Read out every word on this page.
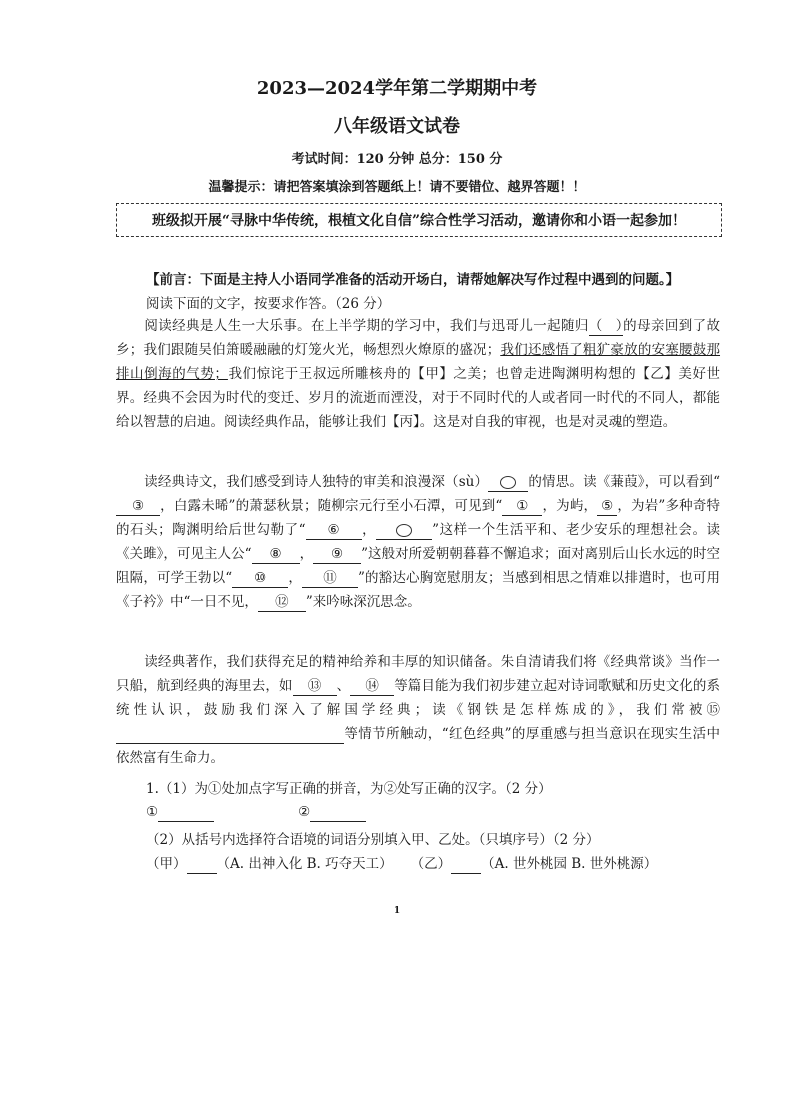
2023—2024学年第二学期期中考
八年级语文试卷
考试时间：120 分钟 总分：150 分
温馨提示：请把答案填涂到答题纸上！请不要错位、越界答题！！
班级拟开展“寻脉中华传统，根植文化自信”综合性学习活动，邀请你和小语一起参加！
【前言：下面是主持人小语同学准备的活动开场白，请帮她解决写作过程中遇到的问题。】
阅读下面的文字，按要求作答。（26 分）
阅读经典是人生一大乐事。在上半学期的学习中，我们与迅哥儿一起随归（　）的母亲回到了故乡；我们跟随吴伯箫暖融融的灯笼火光，畅想烈火燎原的盛况；我们还感悟了粗犷豪放的安塞腰鼓那排山倒海的气势；我们惊诧于王叔远所雕核舟的【甲】之美；也曾走进陶渊明构想的【乙】美好世界。经典不会因为时代的变迁、岁月的流逝而湮没，对于不同时代的人或者同一时代的不同人，都能给以智慧的启迪。阅读经典作品，能够让我们【丙】。这是对自我的审视，也是对灵魂的塑造。
读经典诗文，我们感受到诗人独特的审美和浪漫深（sù）	的情思。读《蒹葭》，可以看到“③ ，白露未晞”的萧瑟秋景；随柳宗元行至小石潭，可见到“ ① ，为屿， ⑤ ，为岩”多种奇特的石头；陶渊明给后世勾勒了“ ⑥ ，	”这样一个生活平和、老少安乐的理想社会。读《关雎》，可见主人公“ ⑧ ， ⑨ ”这般对所爱朝朝暮暮不懈追求；面对离别后山长水远的时空阻隔，可学王勃以“ ⑩ ， ⑪ ”的豁达心胸宽慰朋友；当感到相思之情难以排遣时，也可用《子衿》中“一日不见， ⑫ ”来吟咏深沉思念。
读经典著作，我们获得充足的精神给养和丰厚的知识储备。朱自清请我们将《经典常谈》当作一只船，航到经典的海里去，如 ⑬ 、 ⑭ 等篇目能为我们初步建立起对诗词歌赋和历史文化的系统性认识，鼓励我们深入了解国学经典；读《钢铁是怎样炼成的》，我们常被⑮ 等情节所触动，“红色经典”的厚重感与担当意识在现实生活中依然富有生命力。
1.（1）为①处加点字写正确的拼音，为②处写正确的汉字。（2 分）
①	②
（2）从括号内选择符合语境的词语分别填入甲、乙处。（只填序号）（2 分）
（甲） （A. 出神入化 B. 巧夺天工） （乙） （A. 世外桃园 B. 世外桃源）
1
